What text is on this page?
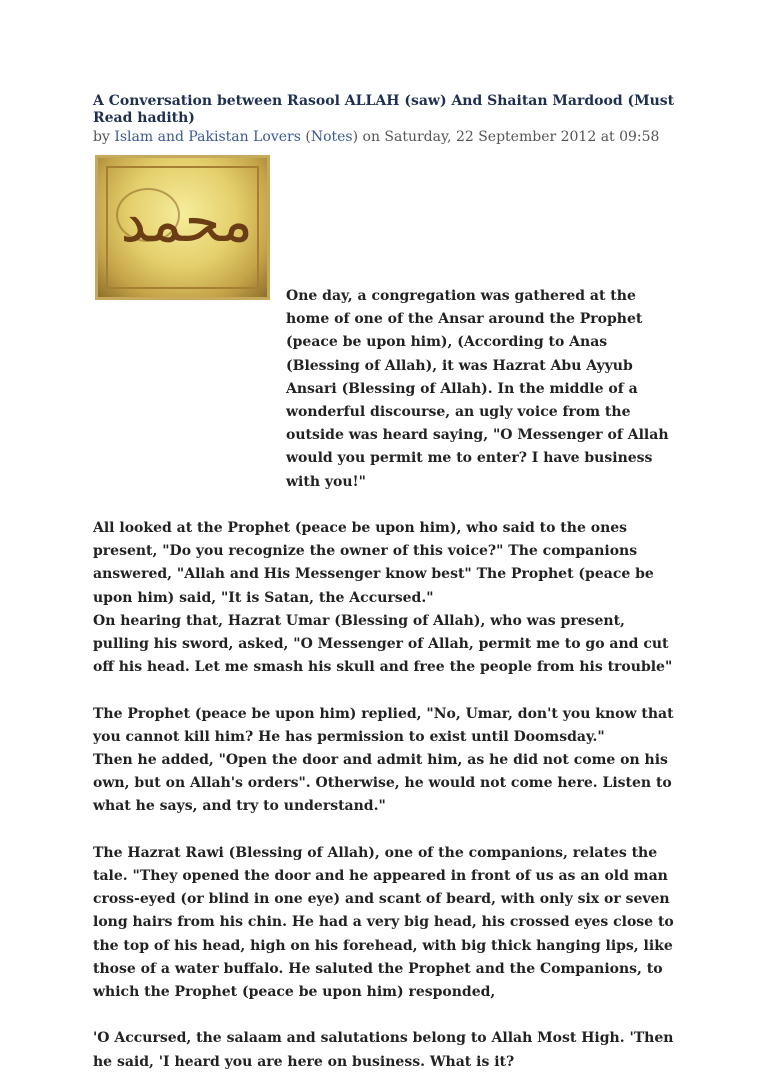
A Conversation between Rasool ALLAH (saw) And Shaitan Mardood (Must Read hadith)

by Islam and Pakistan Lovers (Notes) on Saturday, 22 September 2012 at 09:58

محمد

One day, a congregation was gathered at the home of one of the Ansar around the Prophet (peace be upon him), (According to Anas (Blessing of Allah), it was Hazrat Abu Ayyub Ansari (Blessing of Allah). In the middle of a wonderful discourse, an ugly voice from the outside was heard saying, "O Messenger of Allah would you permit me to enter? I have business with you!"

All looked at the Prophet (peace be upon him), who said to the ones present, "Do you recognize the owner of this voice?" The companions answered, "Allah and His Messenger know best" The Prophet (peace be upon him) said, "It is Satan, the Accursed."

On hearing that, Hazrat Umar (Blessing of Allah), who was present, pulling his sword, asked, "O Messenger of Allah, permit me to go and cut off his head. Let me smash his skull and free the people from his trouble"

The Prophet (peace be upon him) replied, "No, Umar, don't you know that you cannot kill him? He has permission to exist until Doomsday."

Then he added, "Open the door and admit him, as he did not come on his own, but on Allah's orders". Otherwise, he would not come here. Listen to what he says, and try to understand."

The Hazrat Rawi (Blessing of Allah), one of the companions, relates the tale. "They opened the door and he appeared in front of us as an old man cross-eyed (or blind in one eye) and scant of beard, with only six or seven long hairs from his chin. He had a very big head, his crossed eyes close to the top of his head, high on his forehead, with big thick hanging lips, like those of a water buffalo. He saluted the Prophet and the Companions, to which the Prophet (peace be upon him) responded,

'O Accursed, the salaam and salutations belong to Allah Most High. 'Then he said, 'I heard you are here on business. What is it?
